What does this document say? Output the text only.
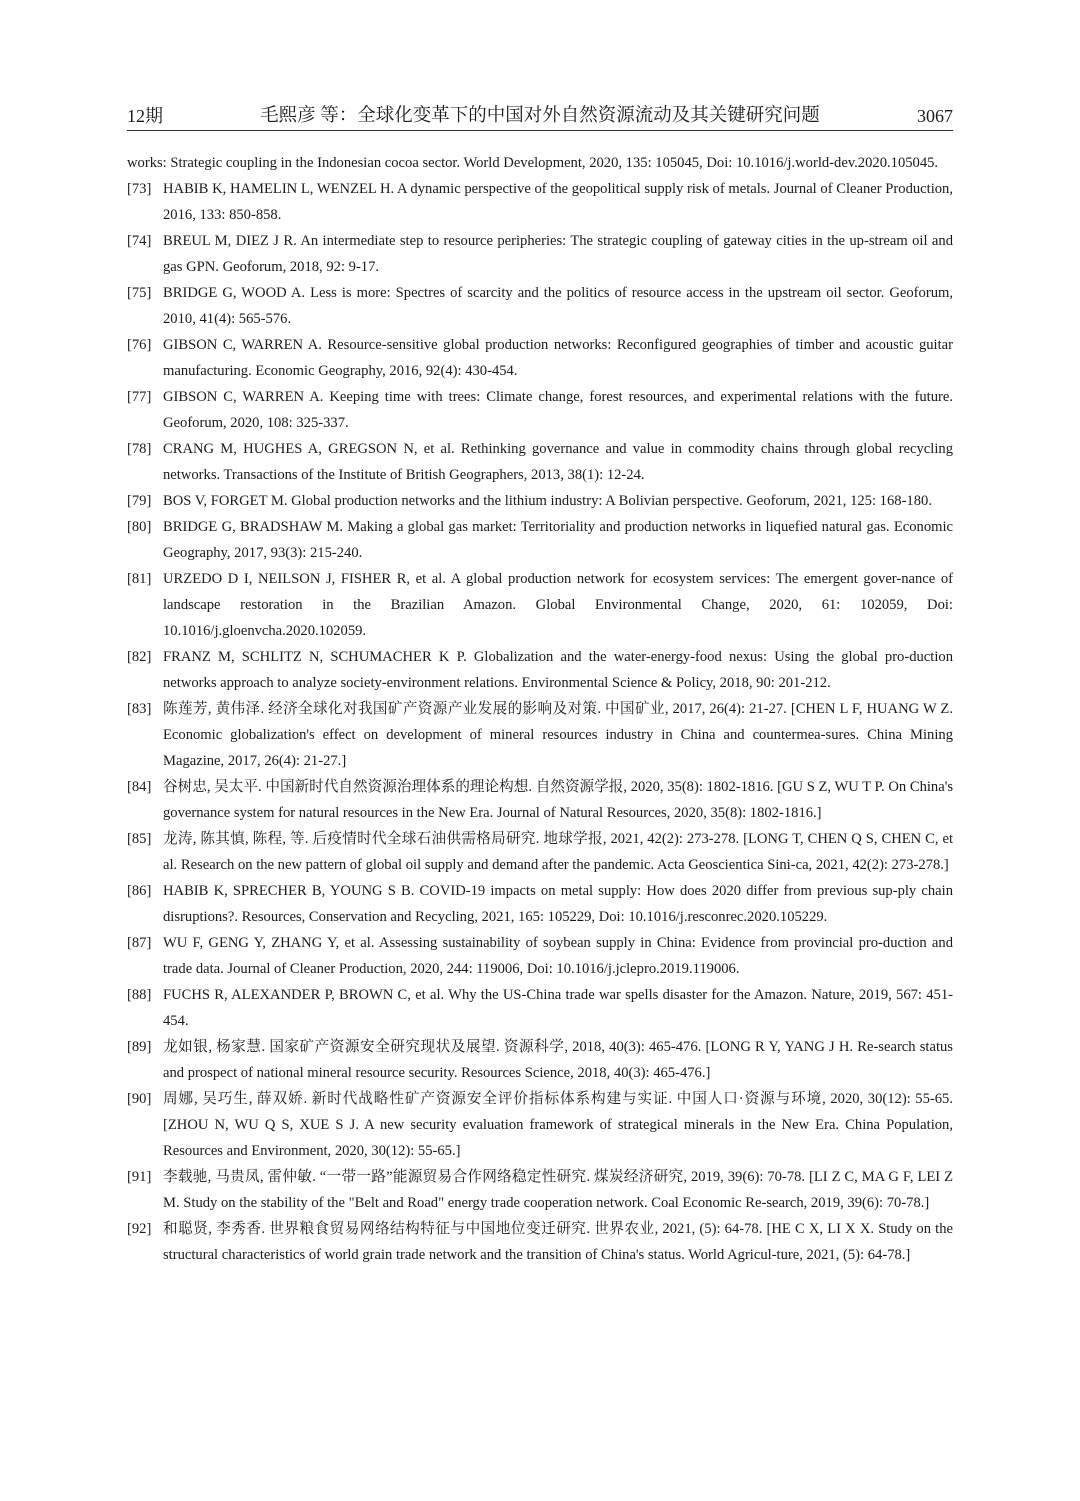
12期	毛熙彦 等：全球化变革下的中国对外自然资源流动及其关键研究问题	3067
works: Strategic coupling in the Indonesian cocoa sector. World Development, 2020, 135: 105045, Doi: 10.1016/j.world-dev.2020.105045.
[73] HABIB K, HAMELIN L, WENZEL H. A dynamic perspective of the geopolitical supply risk of metals. Journal of Cleaner Production, 2016, 133: 850-858.
[74] BREUL M, DIEZ J R. An intermediate step to resource peripheries: The strategic coupling of gateway cities in the up-stream oil and gas GPN. Geoforum, 2018, 92: 9-17.
[75] BRIDGE G, WOOD A. Less is more: Spectres of scarcity and the politics of resource access in the upstream oil sector. Geoforum, 2010, 41(4): 565-576.
[76] GIBSON C, WARREN A. Resource-sensitive global production networks: Reconfigured geographies of timber and acoustic guitar manufacturing. Economic Geography, 2016, 92(4): 430-454.
[77] GIBSON C, WARREN A. Keeping time with trees: Climate change, forest resources, and experimental relations with the future. Geoforum, 2020, 108: 325-337.
[78] CRANG M, HUGHES A, GREGSON N, et al. Rethinking governance and value in commodity chains through global recycling networks. Transactions of the Institute of British Geographers, 2013, 38(1): 12-24.
[79] BOS V, FORGET M. Global production networks and the lithium industry: A Bolivian perspective. Geoforum, 2021, 125: 168-180.
[80] BRIDGE G, BRADSHAW M. Making a global gas market: Territoriality and production networks in liquefied natural gas. Economic Geography, 2017, 93(3): 215-240.
[81] URZEDO D I, NEILSON J, FISHER R, et al. A global production network for ecosystem services: The emergent gover-nance of landscape restoration in the Brazilian Amazon. Global Environmental Change, 2020, 61: 102059, Doi: 10.1016/j.gloenvcha.2020.102059.
[82] FRANZ M, SCHLITZ N, SCHUMACHER K P. Globalization and the water-energy-food nexus: Using the global pro-duction networks approach to analyze society-environment relations. Environmental Science & Policy, 2018, 90: 201-212.
[83] 陈莲芳, 黄伟泽. 经济全球化对我国矿产资源产业发展的影响及对策. 中国矿业, 2017, 26(4): 21-27. [CHEN L F, HUANG W Z. Economic globalization's effect on development of mineral resources industry in China and countermea-sures. China Mining Magazine, 2017, 26(4): 21-27.]
[84] 谷树忠, 吴太平. 中国新时代自然资源治理体系的理论构想. 自然资源学报, 2020, 35(8): 1802-1816. [GU S Z, WU T P. On China's governance system for natural resources in the New Era. Journal of Natural Resources, 2020, 35(8): 1802-1816.]
[85] 龙涛, 陈其慎, 陈程, 等. 后疫情时代全球石油供需格局研究. 地球学报, 2021, 42(2): 273-278. [LONG T, CHEN Q S, CHEN C, et al. Research on the new pattern of global oil supply and demand after the pandemic. Acta Geoscientica Sini-ca, 2021, 42(2): 273-278.]
[86] HABIB K, SPRECHER B, YOUNG S B. COVID-19 impacts on metal supply: How does 2020 differ from previous sup-ply chain disruptions?. Resources, Conservation and Recycling, 2021, 165: 105229, Doi: 10.1016/j.resconrec.2020.105229.
[87] WU F, GENG Y, ZHANG Y, et al. Assessing sustainability of soybean supply in China: Evidence from provincial pro-duction and trade data. Journal of Cleaner Production, 2020, 244: 119006, Doi: 10.1016/j.jclepro.2019.119006.
[88] FUCHS R, ALEXANDER P, BROWN C, et al. Why the US-China trade war spells disaster for the Amazon. Nature, 2019, 567: 451-454.
[89] 龙如银, 杨家慧. 国家矿产资源安全研究现状及展望. 资源科学, 2018, 40(3): 465-476. [LONG R Y, YANG J H. Re-search status and prospect of national mineral resource security. Resources Science, 2018, 40(3): 465-476.]
[90] 周娜, 吴巧生, 薛双娇. 新时代战略性矿产资源安全评价指标体系构建与实证. 中国人口·资源与环境, 2020, 30(12): 55-65. [ZHOU N, WU Q S, XUE S J. A new security evaluation framework of strategical minerals in the New Era. China Population, Resources and Environment, 2020, 30(12): 55-65.]
[91] 李载驰, 马贵凤, 雷仲敏. “一带一路”能源贸易合作网络稳定性研究. 煤炭经济研究, 2019, 39(6): 70-78. [LI Z C, MA G F, LEI Z M. Study on the stability of the "Belt and Road" energy trade cooperation network. Coal Economic Re-search, 2019, 39(6): 70-78.]
[92] 和聪贤, 李秀香. 世界粮食贸易网络结构特征与中国地位变迁研究. 世界农业, 2021, (5): 64-78. [HE C X, LI X X. Study on the structural characteristics of world grain trade network and the transition of China's status. World Agricul-ture, 2021, (5): 64-78.]
